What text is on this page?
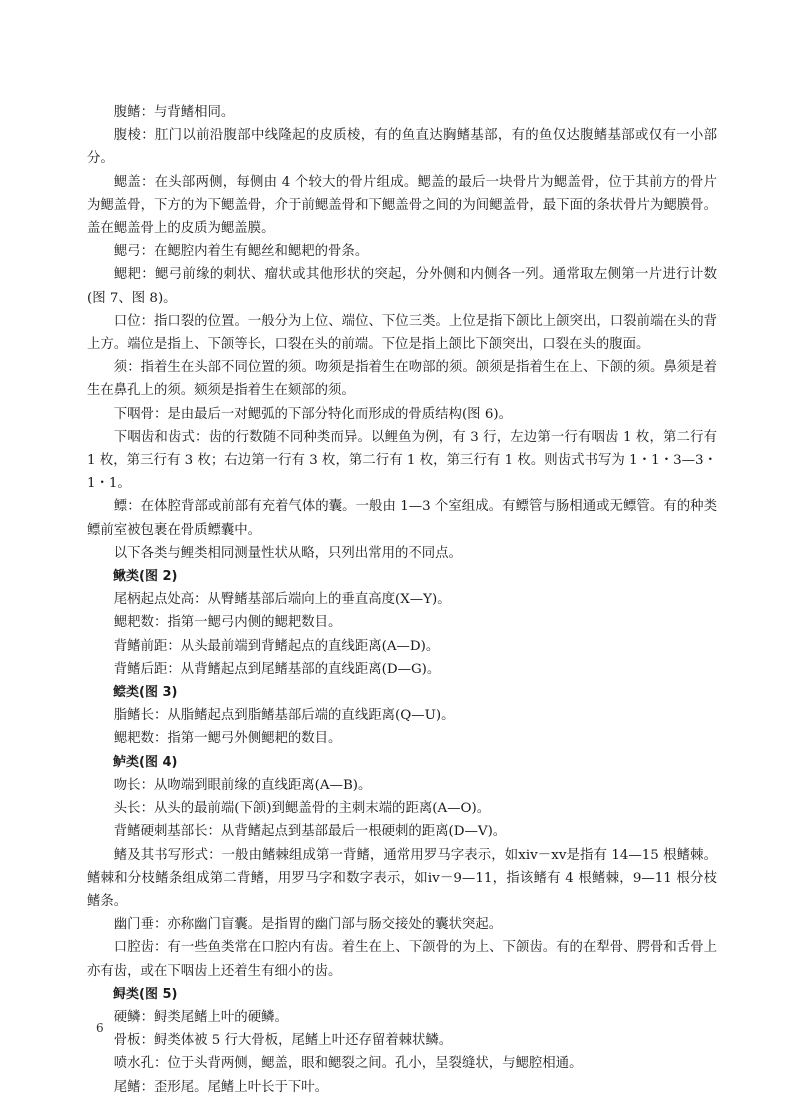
腹鳍：与背鳍相同。

腹棱：肛门以前沿腹部中线隆起的皮质棱，有的鱼直达胸鳍基部，有的鱼仅达腹鳍基部或仅有一小部分。

鳃盖：在头部两侧，每侧由 4 个较大的骨片组成。鳃盖的最后一块骨片为鳃盖骨，位于其前方的骨片为鳃盖骨，下方的为下鳃盖骨，介于前鳃盖骨和下鳃盖骨之间的为间鳃盖骨，最下面的条状骨片为鳃膜骨。盖在鳃盖骨上的皮质为鳃盖膜。

鳃弓：在鳃腔内着生有鳃丝和鳃耙的骨条。

鳃耙：鳃弓前缘的刺状、瘤状或其他形状的突起，分外侧和内侧各一列。通常取左侧第一片进行计数(图 7、图 8)。

口位：指口裂的位置。一般分为上位、端位、下位三类。上位是指下颌比上颌突出，口裂前端在头的背上方。端位是指上、下颌等长，口裂在头的前端。下位是指上颌比下颌突出，口裂在头的腹面。

须：指着生在头部不同位置的须。吻须是指着生在吻部的须。颌须是指着生在上、下颌的须。鼻须是着生在鼻孔上的须。颏须是指着生在颏部的须。

下咽骨：是由最后一对鳃弧的下部分特化而形成的骨质结构(图 6)。

下咽齿和齿式：齿的行数随不同种类而异。以鲤鱼为例，有 3 行，左边第一行有咽齿 1 枚，第二行有 1 枚，第三行有 3 枚；右边第一行有 3 枚，第二行有 1 枚，第三行有 1 枚。则齿式书写为 1・1・3—3・1・1。

鳔：在体腔背部或前部有充着气体的囊。一般由 1—3 个室组成。有鳔管与肠相通或无鳔管。有的种类鳔前室被包裹在骨质鳔囊中。

以下各类与鲤类相同测量性状从略，只列出常用的不同点。

鳅类(图 2)

尾柄起点处高：从臀鳍基部后端向上的垂直高度(X—Y)。

鳃耙数：指第一鳃弓内侧的鳃耙数目。

背鳍前距：从头最前端到背鳍起点的直线距离(A—D)。

背鳍后距：从背鳍起点到尾鳍基部的直线距离(D—G)。

鲿类(图 3)

脂鳍长：从脂鳍起点到脂鳍基部后端的直线距离(Q—U)。

鳃耙数：指第一鳃弓外侧鳃耙的数目。

鲈类(图 4)

吻长：从吻端到眼前缘的直线距离(A—B)。

头长：从头的最前端(下颌)到鳃盖骨的主刺末端的距离(A—O)。

背鳍硬刺基部长：从背鳍起点到基部最后一根硬刺的距离(D—V)。

鳍及其书写形式：一般由鳍棘组成第一背鳍，通常用罗马字表示，如ⅹⅳ－ⅹⅴ是指有 14—15 根鳍棘。鳍棘和分枝鳍条组成第二背鳍，用罗马字和数字表示，如ⅳ－9—11，指该鳍有 4 根鳍棘，9—11 根分枝鳍条。

幽门垂：亦称幽门盲囊。是指胃的幽门部与肠交接处的囊状突起。

口腔齿：有一些鱼类常在口腔内有齿。着生在上、下颌骨的为上、下颌齿。有的在犁骨、腭骨和舌骨上亦有齿，或在下咽齿上还着生有细小的齿。

鲟类(图 5)

硬鳞：鲟类尾鳍上叶的硬鳞。

骨板：鲟类体被 5 行大骨板，尾鳍上叶还存留着棘状鳞。

喷水孔：位于头背两侧，鳃盖，眼和鳃裂之间。孔小，呈裂缝状，与鳃腔相通。

尾鳍：歪形尾。尾鳍上叶长于下叶。

6
